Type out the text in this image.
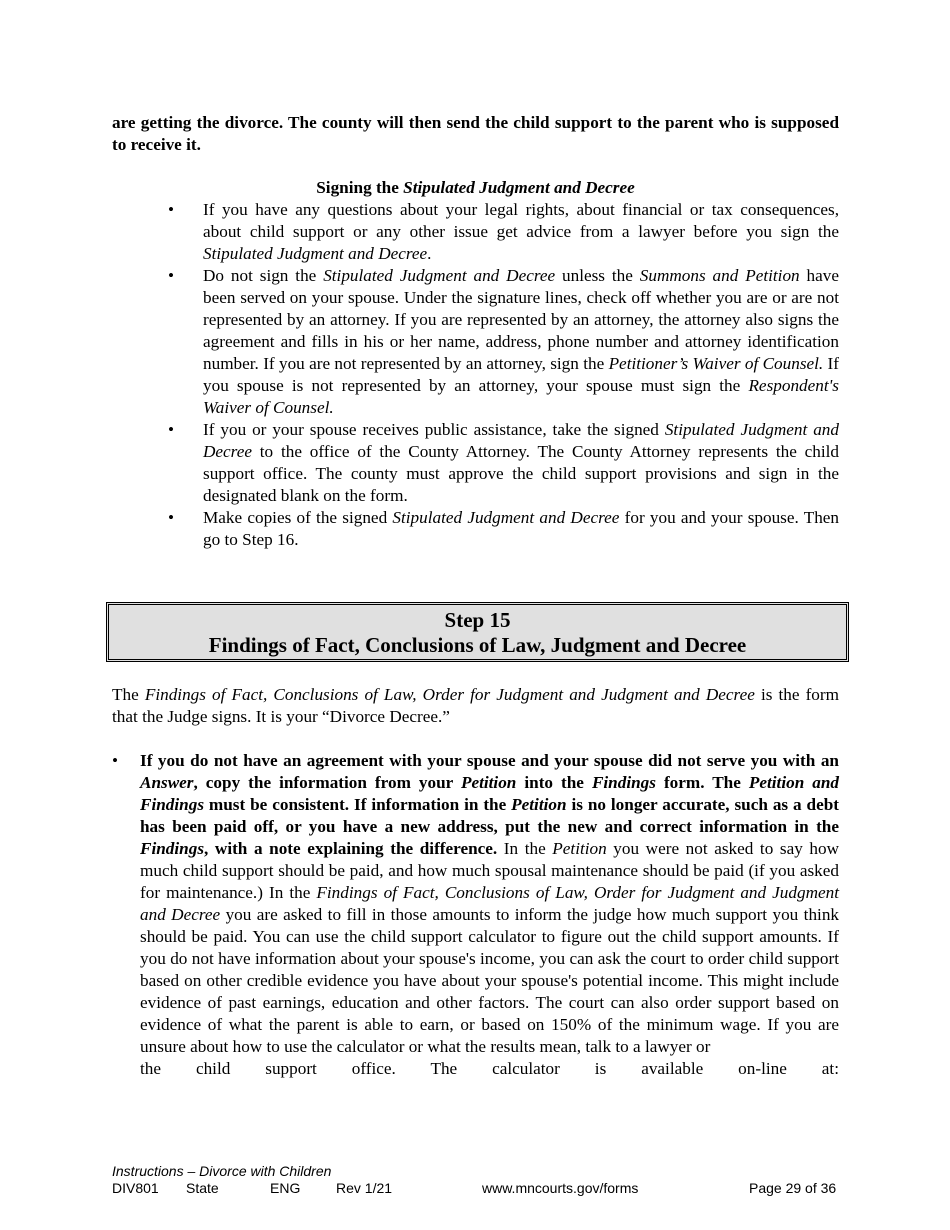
are getting the divorce. The county will then send the child support to the parent who is supposed to receive it.

Signing the Stipulated Judgment and Decree
• If you have any questions about your legal rights, about financial or tax consequences, about child support or any other issue get advice from a lawyer before you sign the Stipulated Judgment and Decree.
• Do not sign the Stipulated Judgment and Decree unless the Summons and Petition have been served on your spouse. Under the signature lines, check off whether you are or are not represented by an attorney. If you are represented by an attorney, the attorney also signs the agreement and fills in his or her name, address, phone number and attorney identification number. If you are not represented by an attorney, sign the Petitioner’s Waiver of Counsel. If you spouse is not represented by an attorney, your spouse must sign the Respondent's Waiver of Counsel.
• If you or your spouse receives public assistance, take the signed Stipulated Judgment and Decree to the office of the County Attorney. The County Attorney represents the child support office. The county must approve the child support provisions and sign in the designated blank on the form.
• Make copies of the signed Stipulated Judgment and Decree for you and your spouse. Then go to Step 16.
Step 15
Findings of Fact, Conclusions of Law, Judgment and Decree

The Findings of Fact, Conclusions of Law, Order for Judgment and Judgment and Decree is the form that the Judge signs. It is your “Divorce Decree.”

• If you do not have an agreement with your spouse and your spouse did not serve you with an Answer, copy the information from your Petition into the Findings form. The Petition and Findings must be consistent. If information in the Petition is no longer accurate, such as a debt has been paid off, or you have a new address, put the new and correct information in the Findings, with a note explaining the difference. In the Petition you were not asked to say how much child support should be paid, and how much spousal maintenance should be paid (if you asked for maintenance.) In the Findings of Fact, Conclusions of Law, Order for Judgment and Judgment and Decree you are asked to fill in those amounts to inform the judge how much support you think should be paid. You can use the child support calculator to figure out the child support amounts. If you do not have information about your spouse's income, you can ask the court to order child support based on other credible evidence you have about your spouse's potential income. This might include evidence of past earnings, education and other factors. The court can also order support based on evidence of what the parent is able to earn, or based on 150% of the minimum wage. If you are unsure about how to use the calculator or what the results mean, talk to a lawyer or
the child support office. The calculator is available on-line at:
Instructions – Divorce with Children
DIV801 State	ENG	Rev 1/21	www.mncourts.gov/forms	Page 29 of 36
